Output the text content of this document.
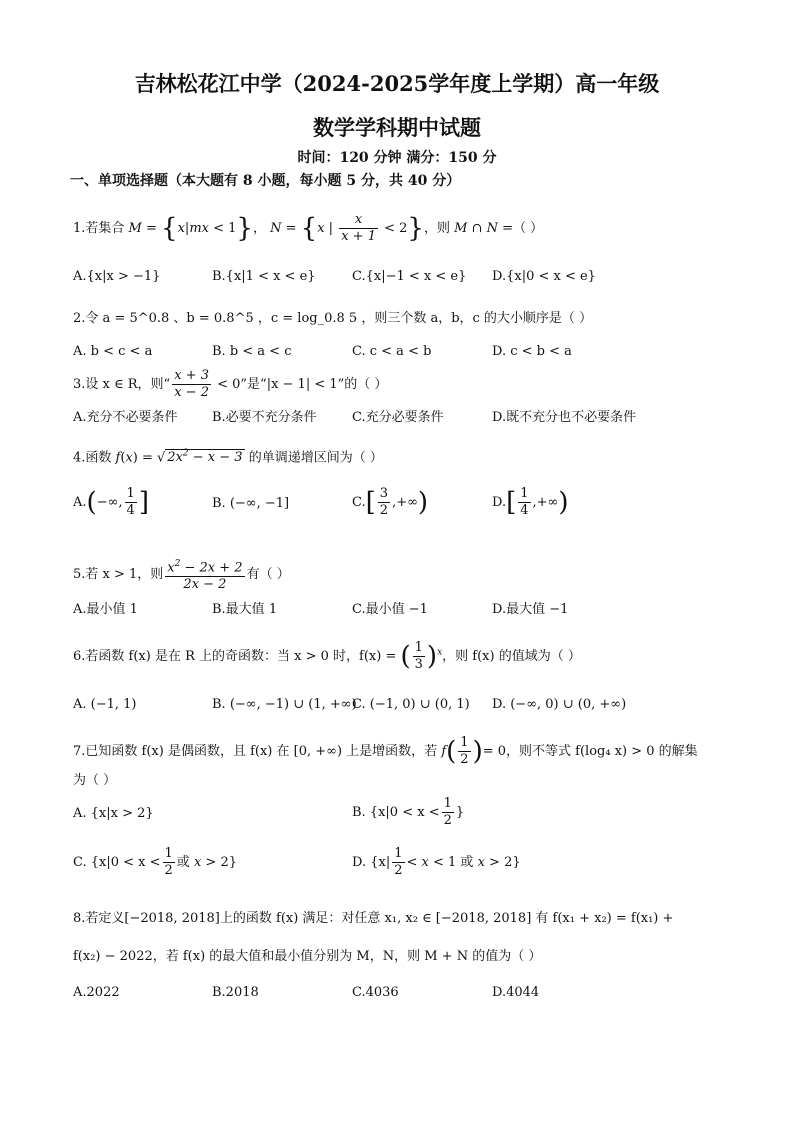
吉林松花江中学（2024-2025学年度上学期）高一年级
数学学科期中试题
时间：120 分钟 满分：150 分
一、单项选择题（本大题有 8 小题，每小题 5 分，共 40 分）
1.若集合 M = {x|mx < 1}， N = {x | $\frac{x}{x + 1} < 2$}，则 M ∩ N =（ ）
A.{x|x > −1}	B.{x|1 < x < e}	C.{x|−1 < x < e} D.{x|0 < x < e}
2.令 a = 5^0.8 、b = 0.8^5 ，c = log_0.8 5 ，则三个数 a，b，c 的大小顺序是（ ）
A. b < c < a	B. b < a < c	C. c < a < b	D. c < b < a
3.设 x ∈ R，则“ $\frac{x + 3}{x - 2} < 0$”是“|x − 1| < 1”的（ ）
A.充分不必要条件	B.必要不充分条件	C.充分必要条件	D.既不充分也不必要条件
4.函数 f(x) = √ $2x^2 - x - 3$ 的单调递增区间为（ ）
A.(−∞, $\frac{1}{4}$ ]	B. (−∞, −1]	$C.[ \frac{3}{2}$ ,+∞)	$D.[ \frac{1}{4}$ ,+∞)
5.若 x > 1，则 $\frac{x^2 - 2x + 2}{2x - 2}$ 有（ ）
A.最小值 1	B.最大值 1	C.最小值 −1	D.最大值 −1
6.若函数 f(x) 是在 R 上的奇函数：当 x > 0 时，f(x) = ( $\frac{1}{3} )^x$，则 f(x) 的值域为（ ）
A. (−1, 1)	B. (−∞, −1) ∪ (1, +∞)
C. (−1, 0) ∪ (0, 1) D. (−∞, 0) ∪ (0, +∞)
7.已知函数 f(x) 是偶函数，且 f(x) 在 [0, +∞) 上是增函数，若 $f( \frac{1}{2}$ )= 0，则不等式 f(log₄ x) > 0 的解集
为（ ）
A. {x|x > 2}	B. {$x|0 < x < \frac{1}{2}$ }
C. {$x|0 < x < \frac{1}{2}$ 或 x > 2}	D. {$x| \frac{1}{2} < x < 1$ 或 x > 2}
8.若定义[−2018, 2018]上的函数 f(x) 满足：对任意 x₁, x₂ ∈ [−2018, 2018] 有 f(x₁ + x₂) = f(x₁) +
f(x₂) − 2022，若 f(x) 的最大值和最小值分别为 M，N，则 M + N 的值为（ ）
A.2022	B.2018	C.4036	D.4044
